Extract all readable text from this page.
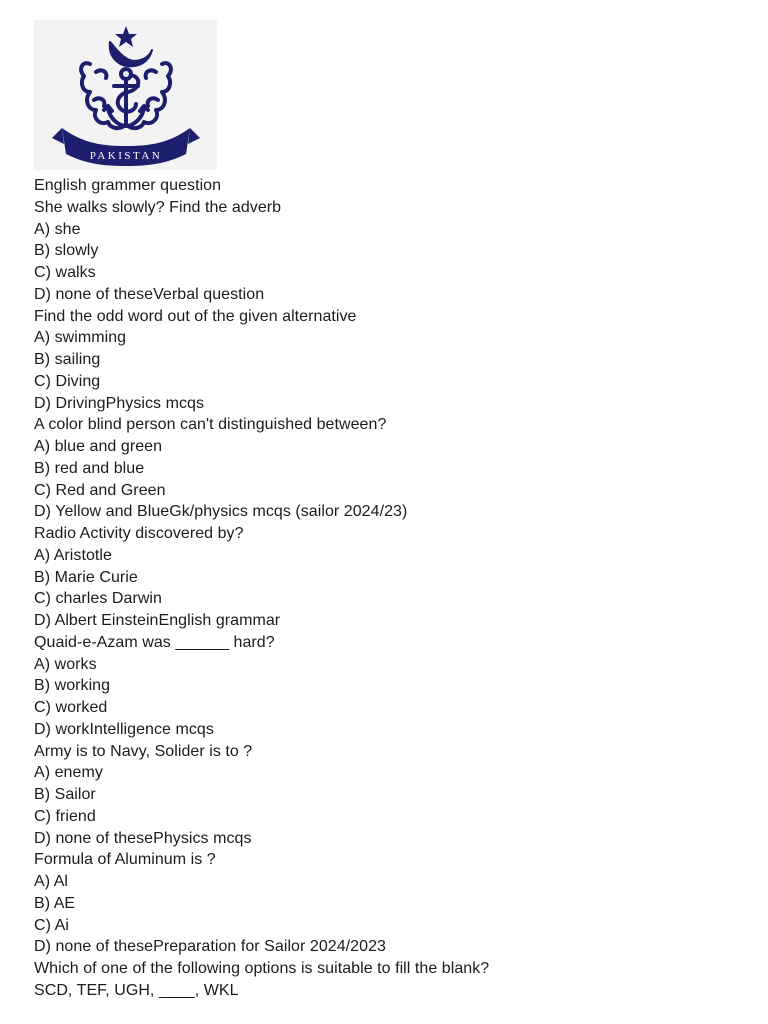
PAKISTAN
English grammer question
She walks slowly? Find the adverb
A) she
B) slowly
C) walks
D) none of theseVerbal question
Find the odd word out of the given alternative
A) swimming
B) sailing
C) Diving
D) DrivingPhysics mcqs
A color blind person can't distinguished between?
A) blue and green
B) red and blue
C) Red and Green
D) Yellow and BlueGk/physics mcqs (sailor 2024/23)
Radio Activity discovered by?
A) Aristotle
B) Marie Curie
C) charles Darwin
D) Albert EinsteinEnglish grammar
Quaid-e-Azam was ______ hard?
A) works
B) working
C) worked
D) workIntelligence mcqs
Army is to Navy, Solider is to ?
A) enemy
B) Sailor
C) friend
D) none of thesePhysics mcqs
Formula of Aluminum is ?
A) Al
B) AE
C) Ai
D) none of thesePreparation for Sailor 2024/2023
Which of one of the following options is suitable to fill the blank?
SCD, TEF, UGH, ____, WKL
